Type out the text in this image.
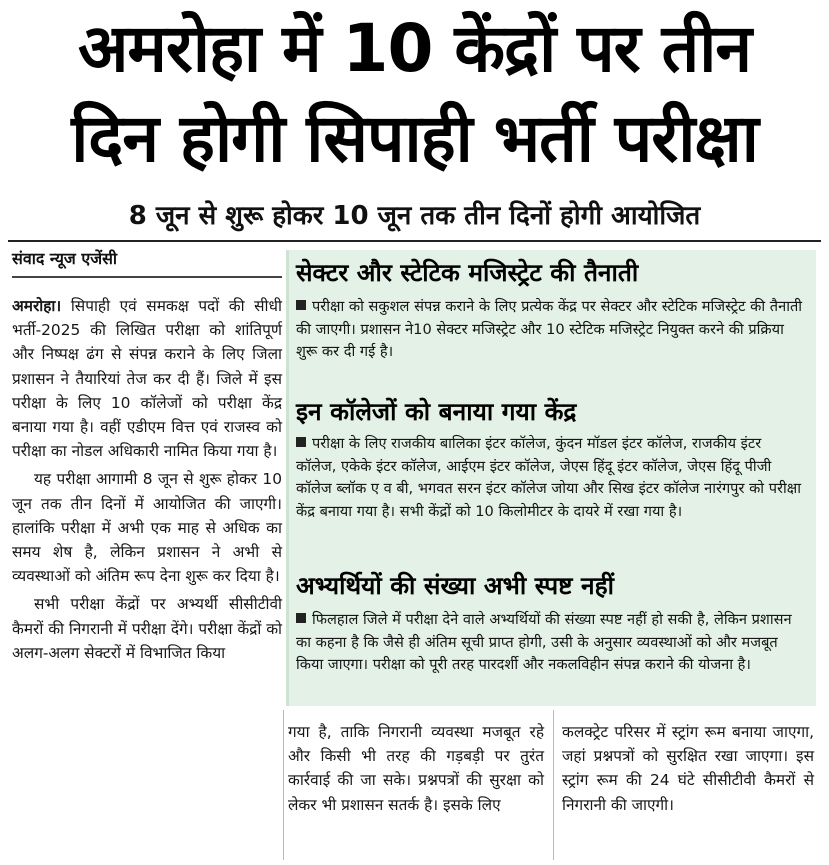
अमरोहा में 10 केंद्रों पर तीन
दिन होगी सिपाही भर्ती परीक्षा
8 जून से शुरू होकर 10 जून तक तीन दिनों होगी आयोजित
संवाद न्यूज एजेंसी

अमरोहा। सिपाही एवं समकक्ष पदों की सीधी भर्ती-2025 की लिखित परीक्षा को शांतिपूर्ण और निष्पक्ष ढंग से संपन्न कराने के लिए जिला प्रशासन ने तैयारियां तेज कर दी हैं। जिले में इस परीक्षा के लिए 10 कॉलेजों को परीक्षा केंद्र बनाया गया है। वहीं एडीएम वित्त एवं राजस्व को परीक्षा का नोडल अधिकारी नामित किया गया है।

यह परीक्षा आगामी 8 जून से शुरू होकर 10 जून तक तीन दिनों में आयोजित की जाएगी। हालांकि परीक्षा में अभी एक माह से अधिक का समय शेष है, लेकिन प्रशासन ने अभी से व्यवस्थाओं को अंतिम रूप देना शुरू कर दिया है।

सभी परीक्षा केंद्रों पर अभ्यर्थी सीसीटीवी कैमरों की निगरानी में परीक्षा देंगे। परीक्षा केंद्रों को अलग-अलग सेक्टरों में विभाजित किया

गया है, ताकि निगरानी व्यवस्था मजबूत रहे और किसी भी तरह की गड़बड़ी पर तुरंत कार्रवाई की जा सके। प्रश्नपत्रों की सुरक्षा को लेकर भी प्रशासन सतर्क है। इसके लिए

कलक्ट्रेट परिसर में स्ट्रांग रूम बनाया जाएगा, जहां प्रश्नपत्रों को सुरक्षित रखा जाएगा। इस स्ट्रांग रूम की 24 घंटे सीसीटीवी कैमरों से निगरानी की जाएगी।

सेक्टर और स्टेटिक मजिस्ट्रेट की तैनाती
परीक्षा को सकुशल संपन्न कराने के लिए प्रत्येक केंद्र पर सेक्टर और स्टेटिक मजिस्ट्रेट की तैनाती की जाएगी। प्रशासन ने10 सेक्टर मजिस्ट्रेट और 10 स्टेटिक मजिस्ट्रेट नियुक्त करने की प्रक्रिया शुरू कर दी गई है।
इन कॉलेजों को बनाया गया केंद्र
परीक्षा के लिए राजकीय बालिका इंटर कॉलेज, कुंदन मॉडल इंटर कॉलेज, राजकीय इंटर कॉलेज, एकेके इंटर कॉलेज, आईएम इंटर कॉलेज, जेएस हिंदू इंटर कॉलेज, जेएस हिंदू पीजी कॉलेज ब्लॉक ए व बी, भगवत सरन इंटर कॉलेज जोया और सिख इंटर कॉलेज नारंगपुर को परीक्षा केंद्र बनाया गया है। सभी केंद्रों को 10 किलोमीटर के दायरे में रखा गया है।
अभ्यर्थियों की संख्या अभी स्पष्ट नहीं
फिलहाल जिले में परीक्षा देने वाले अभ्यर्थियों की संख्या स्पष्ट नहीं हो सकी है, लेकिन प्रशासन का कहना है कि जैसे ही अंतिम सूची प्राप्त होगी, उसी के अनुसार व्यवस्थाओं को और मजबूत किया जाएगा। परीक्षा को पूरी तरह पारदर्शी और नकलविहीन संपन्न कराने की योजना है।
